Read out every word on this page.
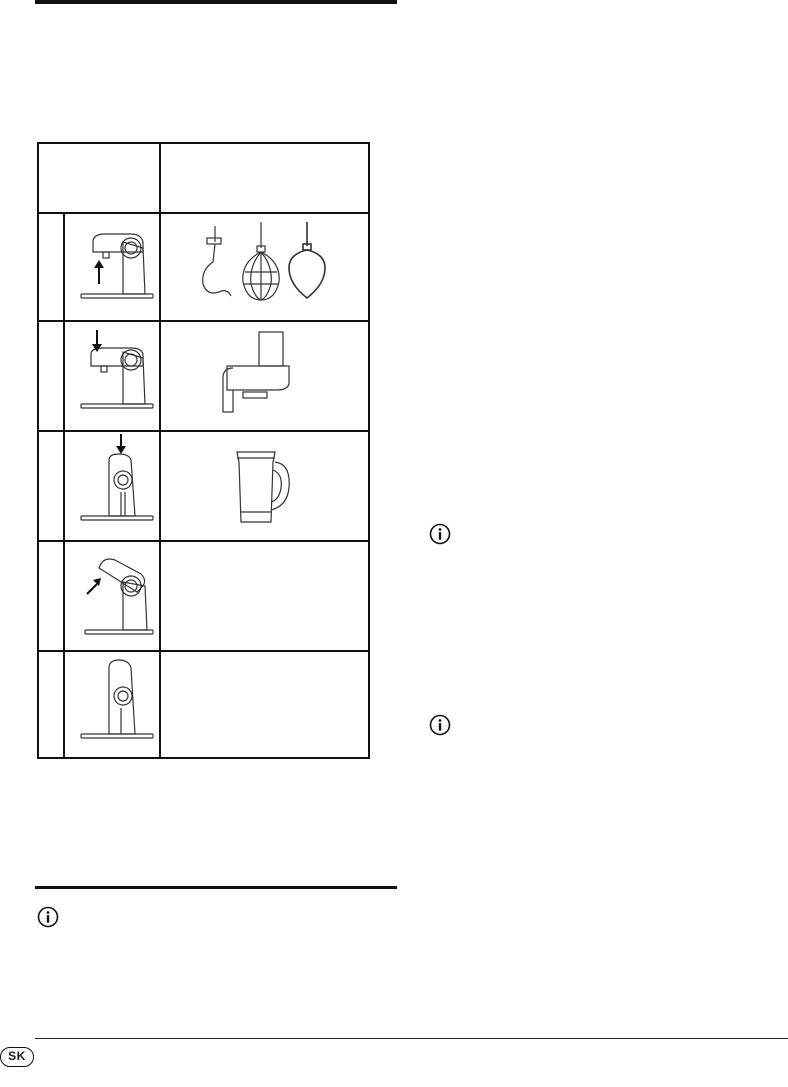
SK
